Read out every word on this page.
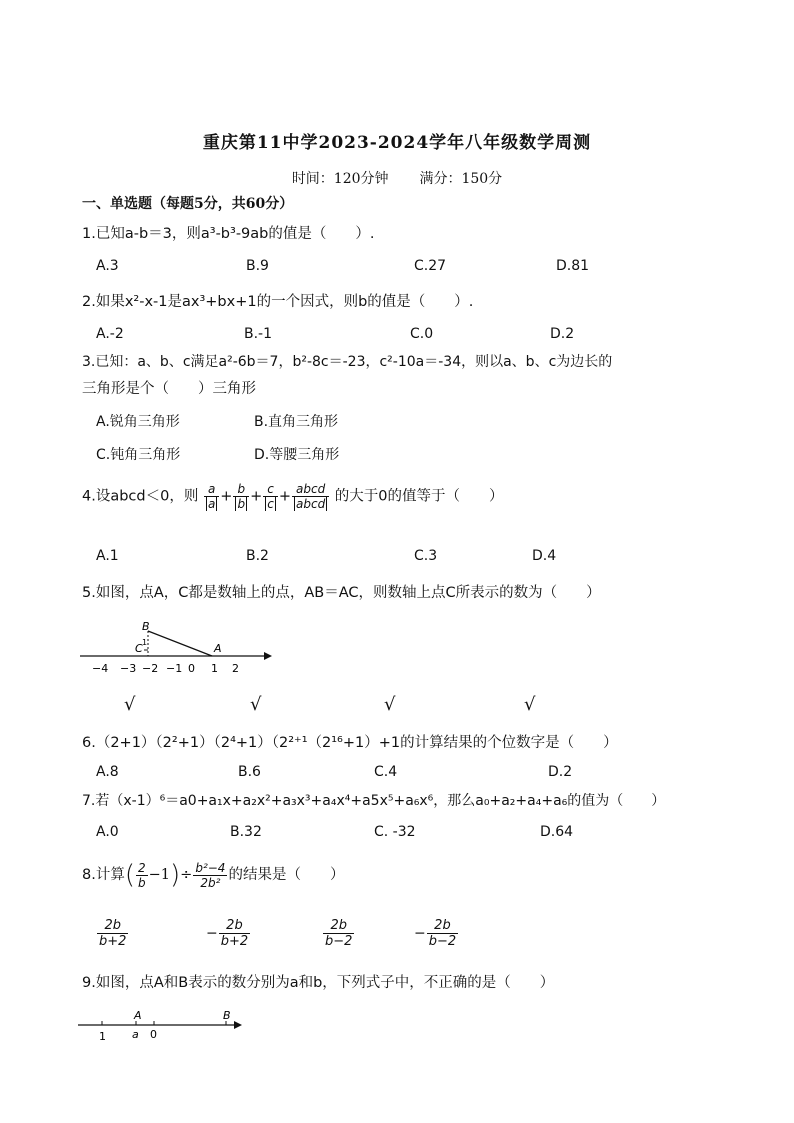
重庆第11中学2023-2024学年八年级数学周测
时间：120分钟 满分：150分
一、单选题（每题5分，共60分）
1.已知a-b＝3，则a³-b³-9ab的值是（　　）.
A.3	B.9	C.27	D.81
2.如果x²-x-1是ax³+bx+1的一个因式，则b的值是（　　）.
A.-2	B.-1	C.0	D.2
3.已知：a、b、c满足a²-6b＝7，b²-8c＝-23，c²-10a＝-34，则以a、b、c为边长的
三角形是个（　　）三角形
A.锐角三角形	B.直角三角形
C.钝角三角形	D.等腰三角形
4.设abcd＜0，则 $\frac{a}{a} + \frac{b}{b} + \frac{c}{c} + \frac{\text{abcd}}{\text{abcd}}$ 的大于0的值等于（　　）
A.1	B.2	C.3	D.4
5.如图，点A，C都是数轴上的点，AB＝AC，则数轴上点C所表示的数为（　　）
B
C	A
1
−4 −3 −2 −1 0 1 2
√	√	√	√
6.（2+1）（2²+1）（2⁴+1）（2²⁺¹（2¹⁶+1）+1的计算结果的个位数字是（　　）
A.8	B.6	C.4	D.2
7.若（x-1）⁶＝a0+a₁x+a₂x²+a₃x³+a₄x⁴+a5x⁵+a₆x⁶，那么a₀+a₂+a₄+a₆的值为（　　）
A.0	B.32	C. -32	D.64
8.计算( $\frac{2}{b} -1)\div \frac{\text{b²−4}}{\text{2b²}}$ 的结果是（　　）
$\frac{2b}{b+2}$	− $\frac{2b}{b+2}$	$\frac{2b}{b-2}$	− $\frac{2b}{b-2}$
9.如图，点A和B表示的数分别为a和b，下列式子中，不正确的是（　　）
A	B
1 a 0
